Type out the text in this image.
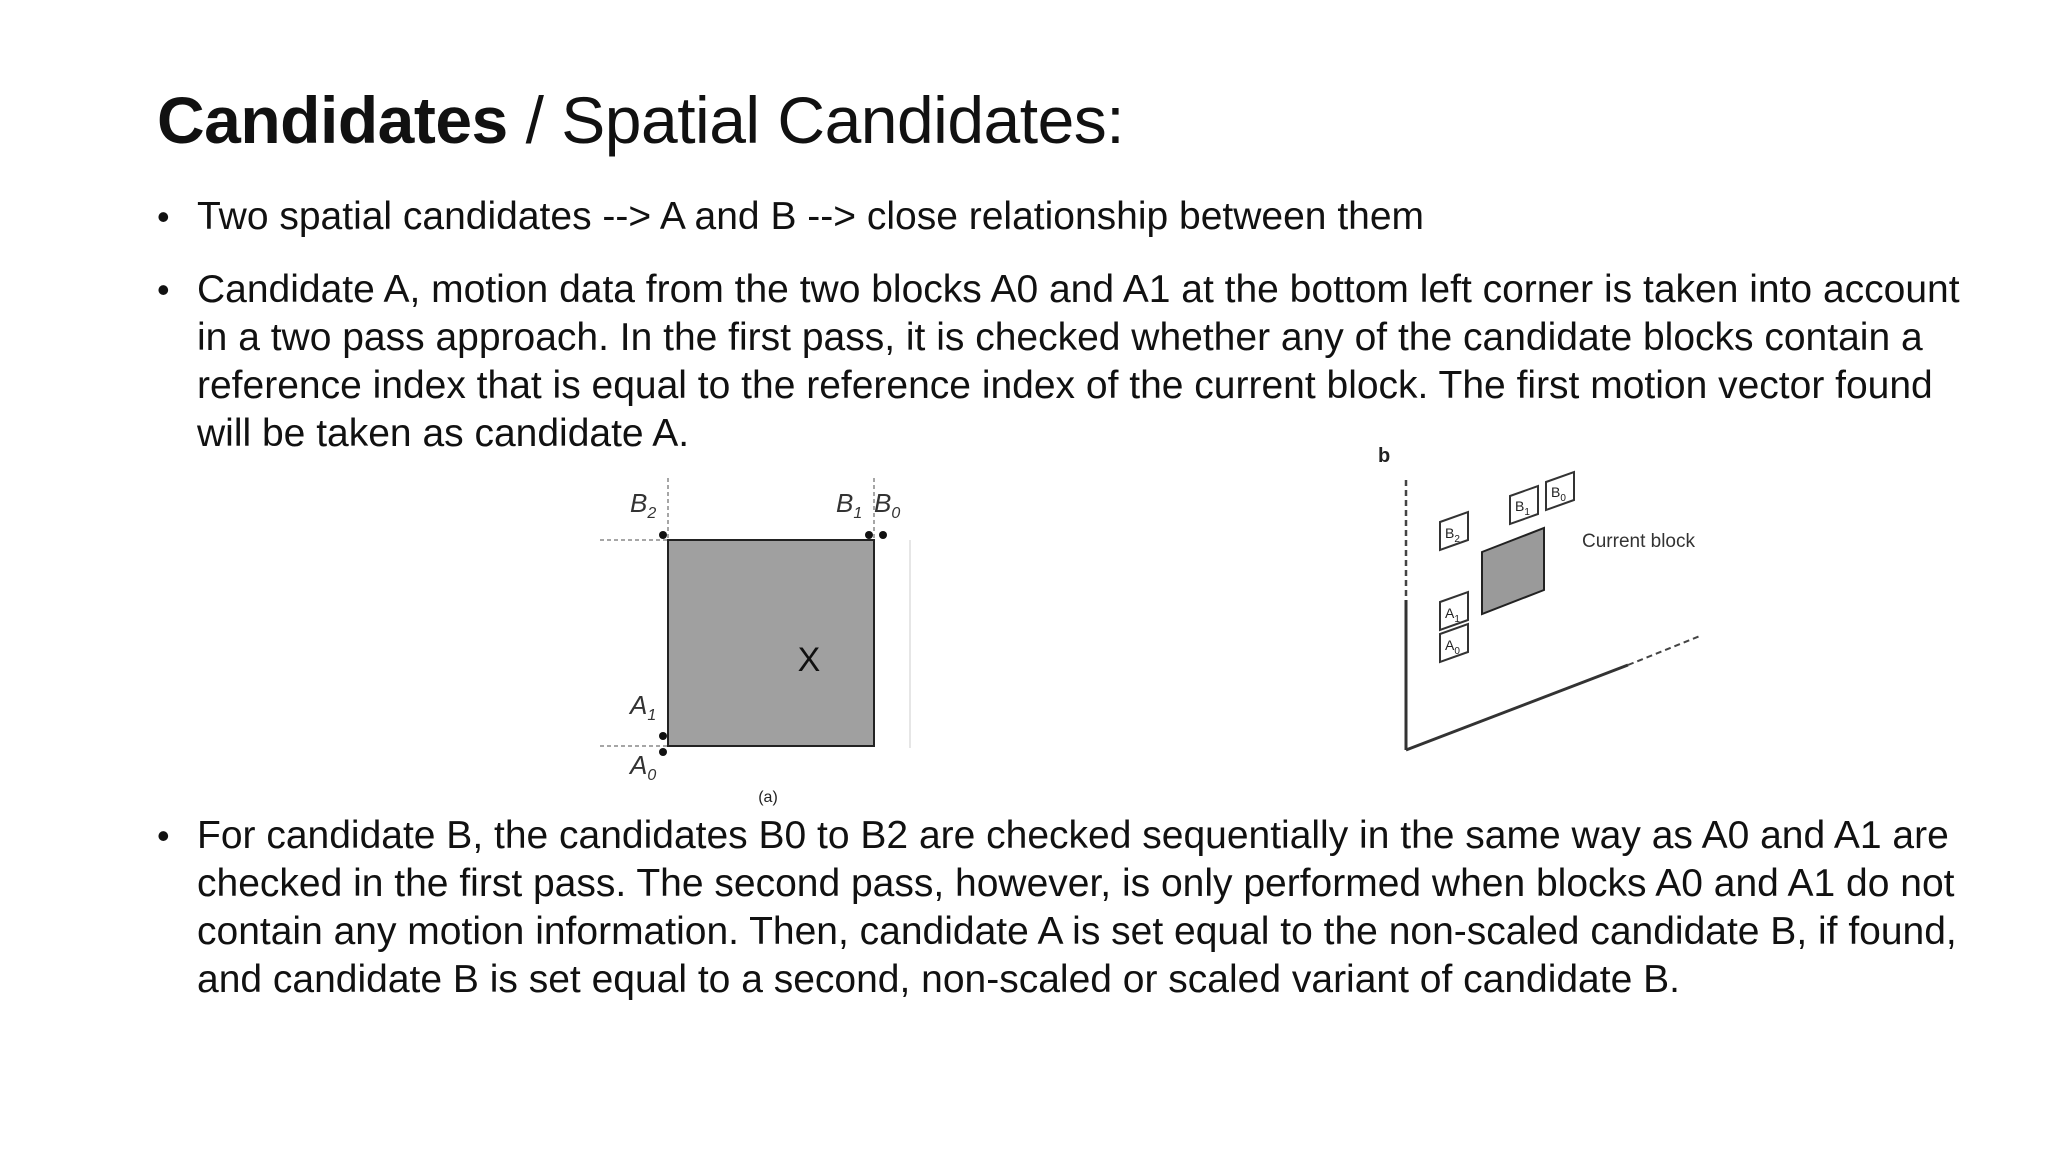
Candidates / Spatial Candidates:
• Two spatial candidates --> A and B --> close relationship between them
• Candidate A, motion data from the two blocks A0 and A1 at the bottom left corner is taken into account in a two pass approach. In the first pass, it is checked whether any of the candidate blocks contain a reference index that is equal to the reference index of the current block. The first motion vector found will be taken as candidate A.
X
$B_2$	$B_1$ $B_0$
$A_1$
$A_0$
(a)
b
Current block
$B_2$
$B_1$
$B_0$
$A_1$
$A_0$
• For candidate B, the candidates B0 to B2 are checked sequentially in the same way as A0 and A1 are checked in the first pass. The second pass, however, is only performed when blocks A0 and A1 do not contain any motion information. Then, candidate A is set equal to the non-scaled candidate B, if found, and candidate B is set equal to a second, non-scaled or scaled variant of candidate B.
